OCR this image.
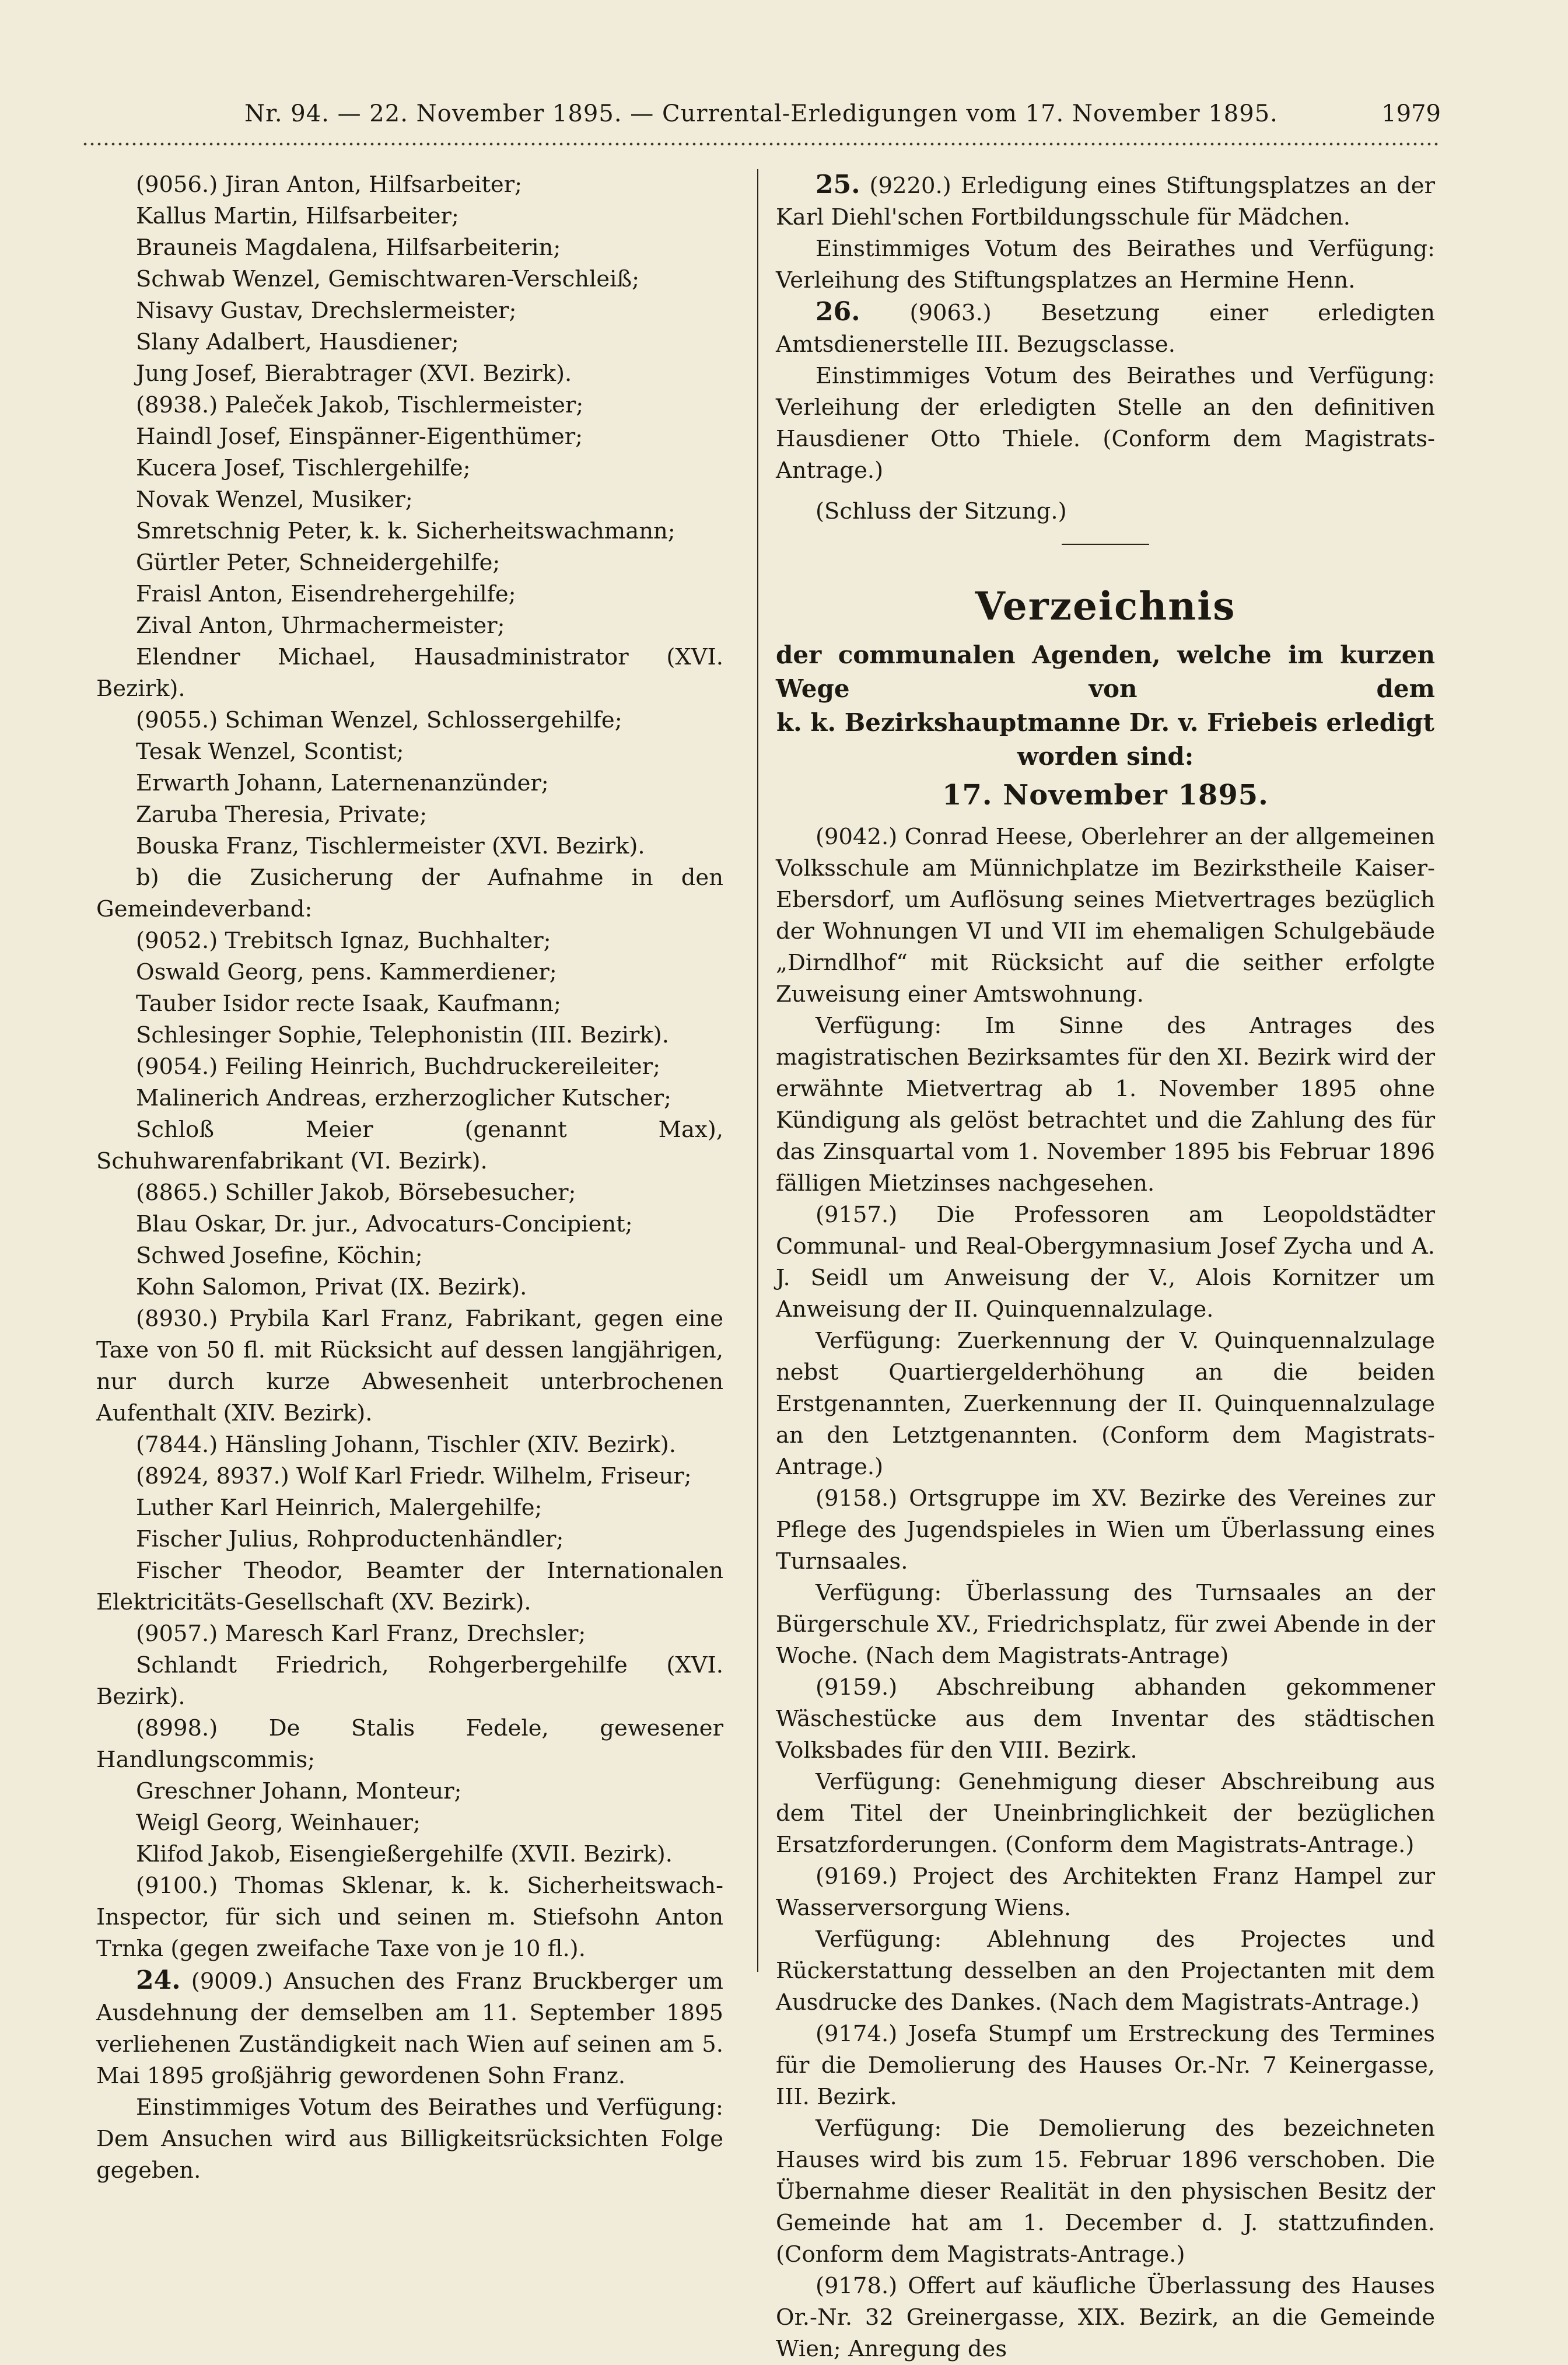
Nr. 94. — 22. November 1895. — Currental-Erledigungen vom 17. November 1895.	1979

(9056.) Jiran Anton, Hilfsarbeiter;

Kallus Martin, Hilfsarbeiter;

Brauneis Magdalena, Hilfsarbeiterin;

Schwab Wenzel, Gemischtwaren-Verschleiß;

Nisavy Gustav, Drechslermeister;

Slany Adalbert, Hausdiener;

Jung Josef, Bierabtrager (XVI. Bezirk).

(8938.) Paleček Jakob, Tischlermeister;

Haindl Josef, Einspänner-Eigenthümer;

Kucera Josef, Tischlergehilfe;

Novak Wenzel, Musiker;

Smretschnig Peter, k. k. Sicherheitswachmann;

Gürtler Peter, Schneidergehilfe;

Fraisl Anton, Eisendrehergehilfe;

Zival Anton, Uhrmachermeister;

Elendner Michael, Hausadministrator (XVI. Bezirk).

(9055.) Schiman Wenzel, Schlossergehilfe;

Tesak Wenzel, Scontist;

Erwarth Johann, Laternenanzünder;

Zaruba Theresia, Private;

Bouska Franz, Tischlermeister (XVI. Bezirk).

b) die Zusicherung der Aufnahme in den Gemeindeverband:

(9052.) Trebitsch Ignaz, Buchhalter;

Oswald Georg, pens. Kammerdiener;

Tauber Isidor recte Isaak, Kaufmann;

Schlesinger Sophie, Telephonistin (III. Bezirk).

(9054.) Feiling Heinrich, Buchdruckereileiter;

Malinerich Andreas, erzherzoglicher Kutscher;

Schloß Meier (genannt Max), Schuhwarenfabrikant (VI. Bezirk).

(8865.) Schiller Jakob, Börsebesucher;

Blau Oskar, Dr. jur., Advocaturs-Concipient;

Schwed Josefine, Köchin;

Kohn Salomon, Privat (IX. Bezirk).

(8930.) Prybila Karl Franz, Fabrikant, gegen eine Taxe von 50 fl. mit Rücksicht auf dessen langjährigen, nur durch kurze Abwesenheit unterbrochenen Aufenthalt (XIV. Bezirk).

(7844.) Hänsling Johann, Tischler (XIV. Bezirk).

(8924, 8937.) Wolf Karl Friedr. Wilhelm, Friseur;

Luther Karl Heinrich, Malergehilfe;

Fischer Julius, Rohproductenhändler;

Fischer Theodor, Beamter der Internationalen Elektricitäts-Gesellschaft (XV. Bezirk).

(9057.) Maresch Karl Franz, Drechsler;

Schlandt Friedrich, Rohgerbergehilfe (XVI. Bezirk).

(8998.) De Stalis Fedele, gewesener Handlungscommis;

Greschner Johann, Monteur;

Weigl Georg, Weinhauer;

Klifod Jakob, Eisengießergehilfe (XVII. Bezirk).

(9100.) Thomas Sklenar, k. k. Sicherheitswach-Inspector, für sich und seinen m. Stiefsohn Anton Trnka (gegen zweifache Taxe von je 10 fl.).

24. (9009.) Ansuchen des Franz Bruckberger um Ausdehnung der demselben am 11. September 1895 verliehenen Zuständigkeit nach Wien auf seinen am 5. Mai 1895 großjährig gewordenen Sohn Franz.

Einstimmiges Votum des Beirathes und Verfügung: Dem Ansuchen wird aus Billigkeitsrücksichten Folge gegeben.

25. (9220.) Erledigung eines Stiftungsplatzes an der Karl Diehl'schen Fortbildungsschule für Mädchen.

Einstimmiges Votum des Beirathes und Verfügung: Verleihung des Stiftungsplatzes an Hermine Henn.

26. (9063.) Besetzung einer erledigten Amtsdienerstelle III. Bezugsclasse.

Einstimmiges Votum des Beirathes und Verfügung: Verleihung der erledigten Stelle an den definitiven Hausdiener Otto Thiele. (Conform dem Magistrats-Antrage.)

(Schluss der Sitzung.)

Verzeichnis

der communalen Agenden, welche im kurzen Wege von dem

k. k. Bezirkshauptmanne Dr. v. Friebeis erledigt worden sind:

17. November 1895.

(9042.) Conrad Heese, Oberlehrer an der allgemeinen Volksschule am Münnichplatze im Bezirkstheile Kaiser-Ebersdorf, um Auflösung seines Mietvertrages bezüglich der Wohnungen VI und VII im ehemaligen Schulgebäude „Dirndlhof“ mit Rücksicht auf die seither erfolgte Zuweisung einer Amtswohnung.

Verfügung: Im Sinne des Antrages des magistratischen Bezirksamtes für den XI. Bezirk wird der erwähnte Mietvertrag ab 1. November 1895 ohne Kündigung als gelöst betrachtet und die Zahlung des für das Zinsquartal vom 1. November 1895 bis Februar 1896 fälligen Mietzinses nachgesehen.

(9157.) Die Professoren am Leopoldstädter Communal- und Real-Obergymnasium Josef Zycha und A. J. Seidl um Anweisung der V., Alois Kornitzer um Anweisung der II. Quinquennalzulage.

Verfügung: Zuerkennung der V. Quinquennalzulage nebst Quartiergelderhöhung an die beiden Erstgenannten, Zuerkennung der II. Quinquennalzulage an den Letztgenannten. (Conform dem Magistrats-Antrage.)

(9158.) Ortsgruppe im XV. Bezirke des Vereines zur Pflege des Jugendspieles in Wien um Überlassung eines Turnsaales.

Verfügung: Überlassung des Turnsaales an der Bürgerschule XV., Friedrichsplatz, für zwei Abende in der Woche. (Nach dem Magistrats-Antrage)

(9159.) Abschreibung abhanden gekommener Wäschestücke aus dem Inventar des städtischen Volksbades für den VIII. Bezirk.

Verfügung: Genehmigung dieser Abschreibung aus dem Titel der Uneinbringlichkeit der bezüglichen Ersatzforderungen. (Conform dem Magistrats-Antrage.)

(9169.) Project des Architekten Franz Hampel zur Wasserversorgung Wiens.

Verfügung: Ablehnung des Projectes und Rückerstattung desselben an den Projectanten mit dem Ausdrucke des Dankes. (Nach dem Magistrats-Antrage.)

(9174.) Josefa Stumpf um Erstreckung des Termines für die Demolierung des Hauses Or.-Nr. 7 Keinergasse, III. Bezirk.

Verfügung: Die Demolierung des bezeichneten Hauses wird bis zum 15. Februar 1896 verschoben. Die Übernahme dieser Realität in den physischen Besitz der Gemeinde hat am 1. December d. J. stattzufinden. (Conform dem Magistrats-Antrage.)

(9178.) Offert auf käufliche Überlassung des Hauses Or.-Nr. 32 Greinergasse, XIX. Bezirk, an die Gemeinde Wien; Anregung des
